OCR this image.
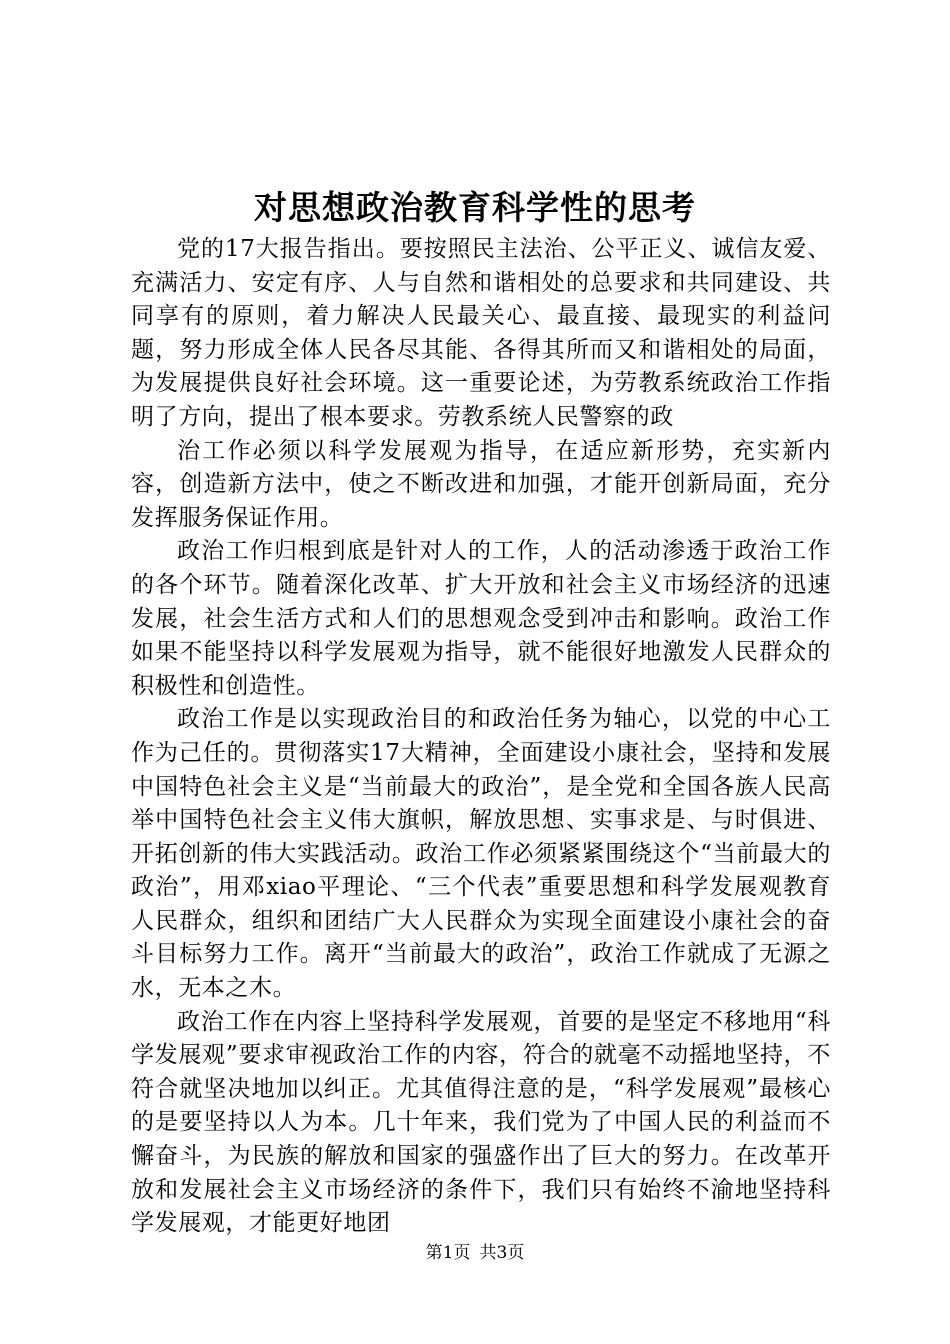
对思想政治教育科学性的思考

党的17大报告指出。要按照民主法治、公平正义、诚信友爱、充满活力、安定有序、人与自然和谐相处的总要求和共同建设、共同享有的原则，着力解决人民最关心、最直接、最现实的利益问题，努力形成全体人民各尽其能、各得其所而又和谐相处的局面，为发展提供良好社会环境。这一重要论述，为劳教系统政治工作指明了方向，提出了根本要求。劳教系统人民警察的政

治工作必须以科学发展观为指导，在适应新形势，充实新内容，创造新方法中，使之不断改进和加强，才能开创新局面，充分发挥服务保证作用。

政治工作归根到底是针对人的工作，人的活动渗透于政治工作的各个环节。随着深化改革、扩大开放和社会主义市场经济的迅速发展，社会生活方式和人们的思想观念受到冲击和影响。政治工作如果不能坚持以科学发展观为指导，就不能很好地激发人民群众的积极性和创造性。

政治工作是以实现政治目的和政治任务为轴心，以党的中心工作为己任的。贯彻落实17大精神，全面建设小康社会，坚持和发展中国特色社会主义是“当前最大的政治”，是全党和全国各族人民高举中国特色社会主义伟大旗帜，解放思想、实事求是、与时俱进、开拓创新的伟大实践活动。政治工作必须紧紧围绕这个“当前最大的政治”，用邓xiao平理论、“三个代表”重要思想和科学发展观教育人民群众，组织和团结广大人民群众为实现全面建设小康社会的奋斗目标努力工作。离开“当前最大的政治”，政治工作就成了无源之水，无本之木。

政治工作在内容上坚持科学发展观，首要的是坚定不移地用“科学发展观”要求审视政治工作的内容，符合的就毫不动摇地坚持，不符合就坚决地加以纠正。尤其值得注意的是，“科学发展观”最核心的是要坚持以人为本。几十年来，我们党为了中国人民的利益而不懈奋斗，为民族的解放和国家的强盛作出了巨大的努力。在改革开放和发展社会主义市场经济的条件下，我们只有始终不渝地坚持科学发展观，才能更好地团

第1页 共3页
